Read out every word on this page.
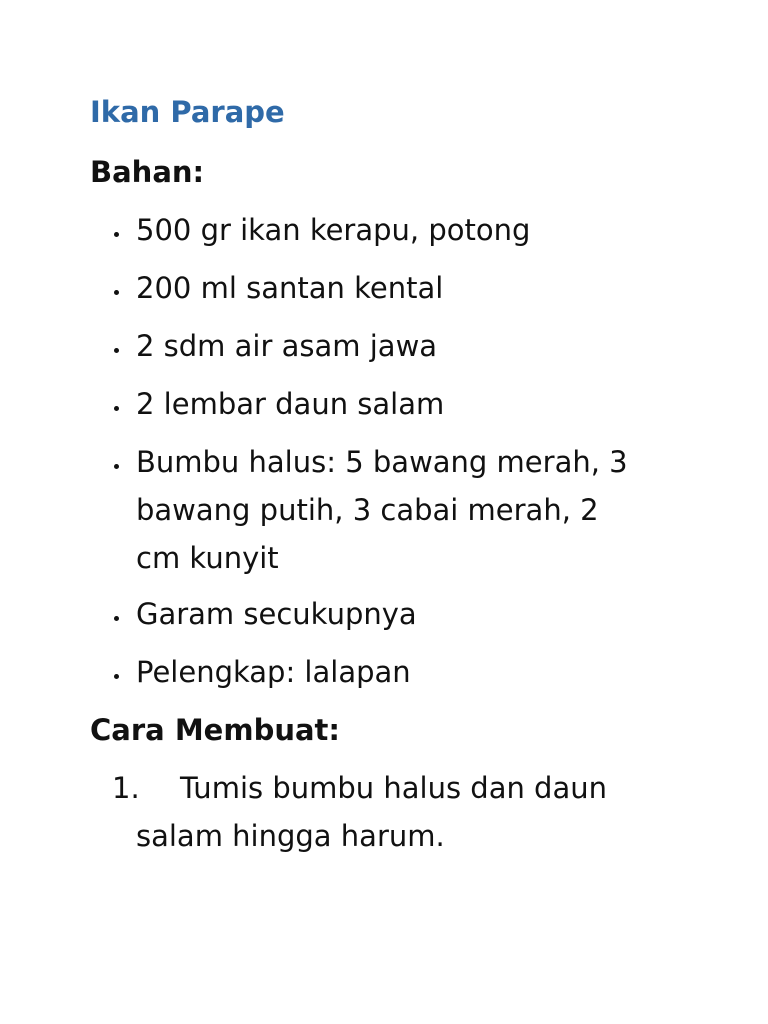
Ikan Parape
Bahan:
500 gr ikan kerapu, potong
200 ml santan kental
2 sdm air asam jawa
2 lembar daun salam
Bumbu halus: 5 bawang merah, 3 bawang putih, 3 cabai merah, 2 cm kunyit
Garam secukupnya
Pelengkap: lalapan
Cara Membuat:
1.	Tumis bumbu halus dan daun salam hingga harum.
